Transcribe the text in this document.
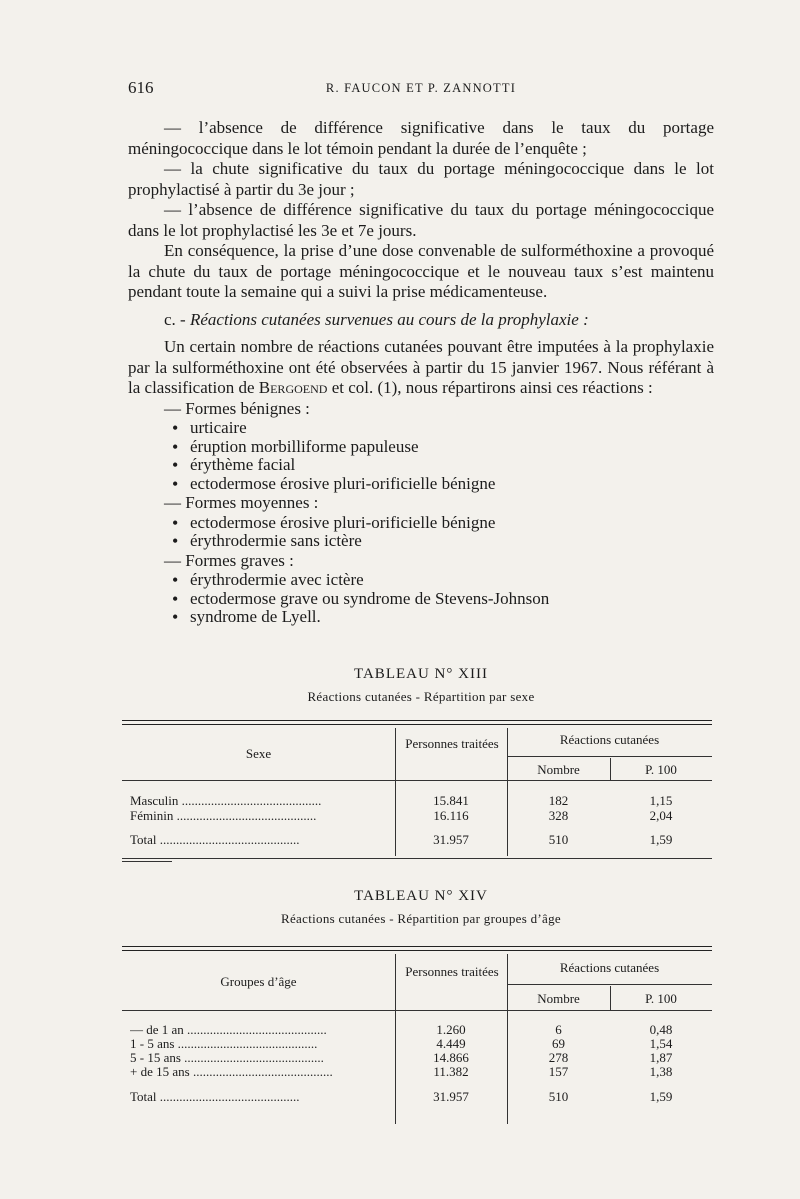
616	R. FAUCON ET P. ZANNOTTI

— l’absence de différence significative dans le taux du portage méningococcique dans le lot témoin pendant la durée de l’enquête ;

— la chute significative du taux du portage méningococcique dans le lot prophylactisé à partir du 3e jour ;

— l’absence de différence significative du taux du portage méningococcique dans le lot prophylactisé les 3e et 7e jours.

En conséquence, la prise d’une dose convenable de sulforméthoxine a provoqué la chute du taux de portage méningococcique et le nouveau taux s’est maintenu pendant toute la semaine qui a suivi la prise médicamenteuse.

c. - Réactions cutanées survenues au cours de la prophylaxie :

Un certain nombre de réactions cutanées pouvant être imputées à la prophylaxie par la sulforméthoxine ont été observées à partir du 15 janvier 1967. Nous référant à la classification de Bergoend et col. (1), nous répartirons ainsi ces réactions :

— Formes bénignes :
• urticaire
• éruption morbilliforme papuleuse
• érythème facial
• ectodermose érosive pluri-orificielle bénigne
— Formes moyennes :
• ectodermose érosive pluri-orificielle bénigne
• érythrodermie sans ictère
— Formes graves :
• érythrodermie avec ictère
• ectodermose grave ou syndrome de Stevens-Johnson
• syndrome de Lyell.
TABLEAU N° XIII
Réactions cutanées - Répartition par sexe
Sexe
Personnes traitées	Réactions cutanées
Nombre	P. 100
Masculin ...........................................	15.841	182	1,15
Féminin ...........................................	16.116	328	2,04
Total ...........................................	31.957	510	1,59
TABLEAU N° XIV
Réactions cutanées - Répartition par groupes d’âge
Groupes d’âge
Personnes traitées	Réactions cutanées
Nombre	P. 100
— de 1 an ...........................................	1.260	6	0,48
1 - 5 ans ...........................................	4.449	69	1,54
5 - 15 ans ...........................................	14.866	278	1,87
+ de 15 ans ...........................................	11.382	157	1,38
Total ...........................................	31.957	510	1,59
